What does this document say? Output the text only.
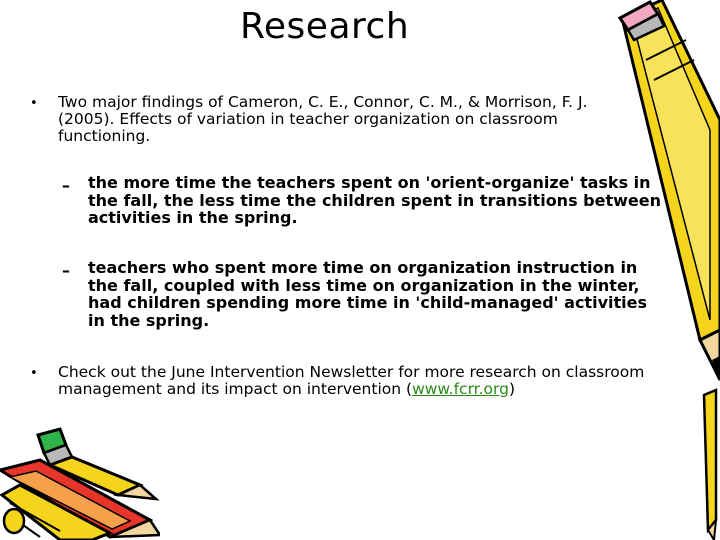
Research
• Two major findings of Cameron, C. E., Connor, C. M., & Morrison, F. J. (2005). Effects of variation in teacher organization on classroom functioning.
– the more time the teachers spent on 'orient-organize' tasks in the fall, the less time the children spent in transitions between activities in the spring.
– teachers who spent more time on organization instruction in the fall, coupled with less time on organization in the winter, had children spending more time in 'child-managed' activities in the spring.
• Check out the June Intervention Newsletter for more research on classroom management and its impact on intervention (www.fcrr.org)
